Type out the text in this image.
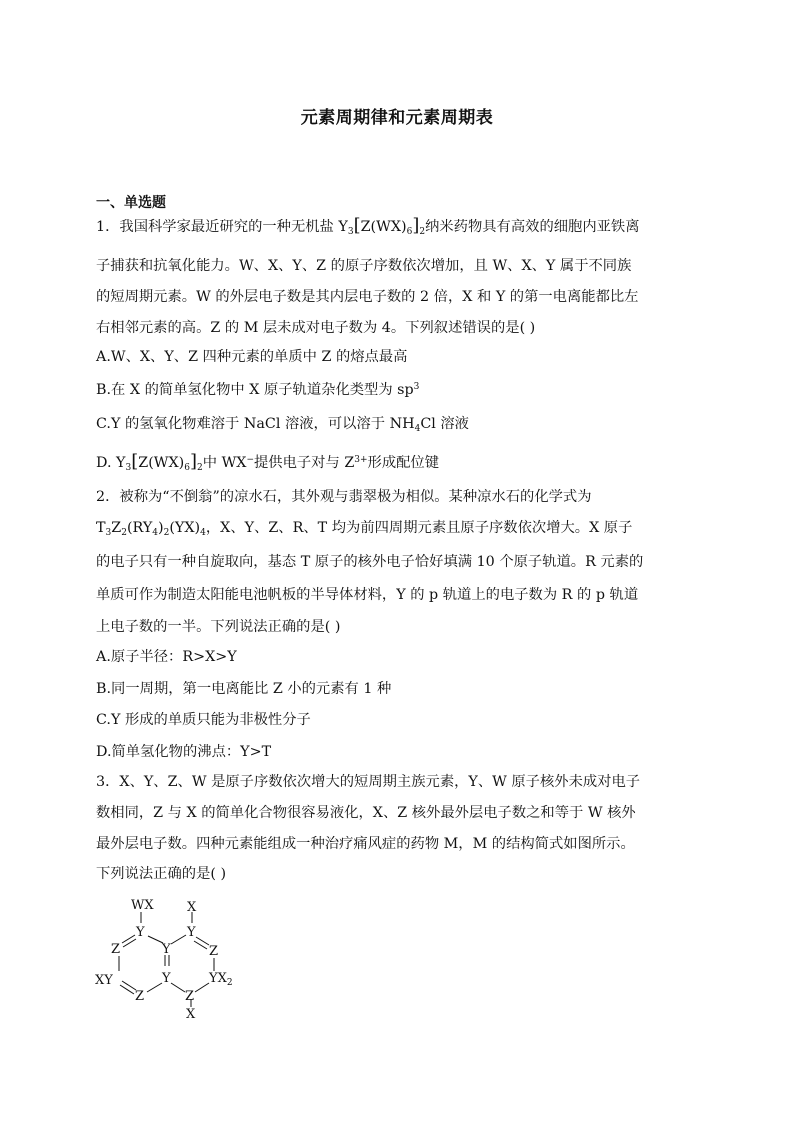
元素周期律和元素周期表
一、单选题
1．我国科学家最近研究的一种无机盐 $Y_3[Z(WX)_6]_2$纳米药物具有高效的细胞内亚铁离
子捕获和抗氧化能力。W、X、Y、Z 的原子序数依次增加，且 W、X、Y 属于不同族
的短周期元素。W 的外层电子数是其内层电子数的 2 倍，X 和 Y 的第一电离能都比左
右相邻元素的高。Z 的 M 层未成对电子数为 4。下列叙述错误的是( )
A.W、X、Y、Z 四种元素的单质中 Z 的熔点最高
B.在 X 的简单氢化物中 X 原子轨道杂化类型为 $sp^3$
C.Y 的氢氧化物难溶于 NaCl 溶液，可以溶于 $NH_4Cl$ 溶液
D. $Y_3[Z(WX)_6]_2$中 WX−提供电子对与 $Z^{3+}$形成配位键
2．被称为“不倒翁”的凉水石，其外观与翡翠极为相似。某种凉水石的化学式为
$T_3Z_2(RY_4)_2(YX)_4$，X、Y、Z、R、T 均为前四周期元素且原子序数依次增大。X 原子
的电子只有一种自旋取向，基态 T 原子的核外电子恰好填满 10 个原子轨道。R 元素的
单质可作为制造太阳能电池帆板的半导体材料，Y 的 p 轨道上的电子数为 R 的 p 轨道
上电子数的一半。下列说法正确的是( )
A.原子半径：R>X>Y
B.同一周期，第一电离能比 Z 小的元素有 1 种
C.Y 形成的单质只能为非极性分子
D.简单氢化物的沸点：Y>T
3．X、Y、Z、W 是原子序数依次增大的短周期主族元素，Y、W 原子核外未成对电子
数相同，Z 与 X 的简单化合物很容易液化，X、Z 核外最外层电子数之和等于 W 核外
最外层电子数。四种元素能组成一种治疗痛风症的药物 M，M 的结构简式如图所示。
下列说法正确的是( )
WX
Y
X
Y
Z	Y	Z
XY	Y	$YX_2$
Z	Z
X
